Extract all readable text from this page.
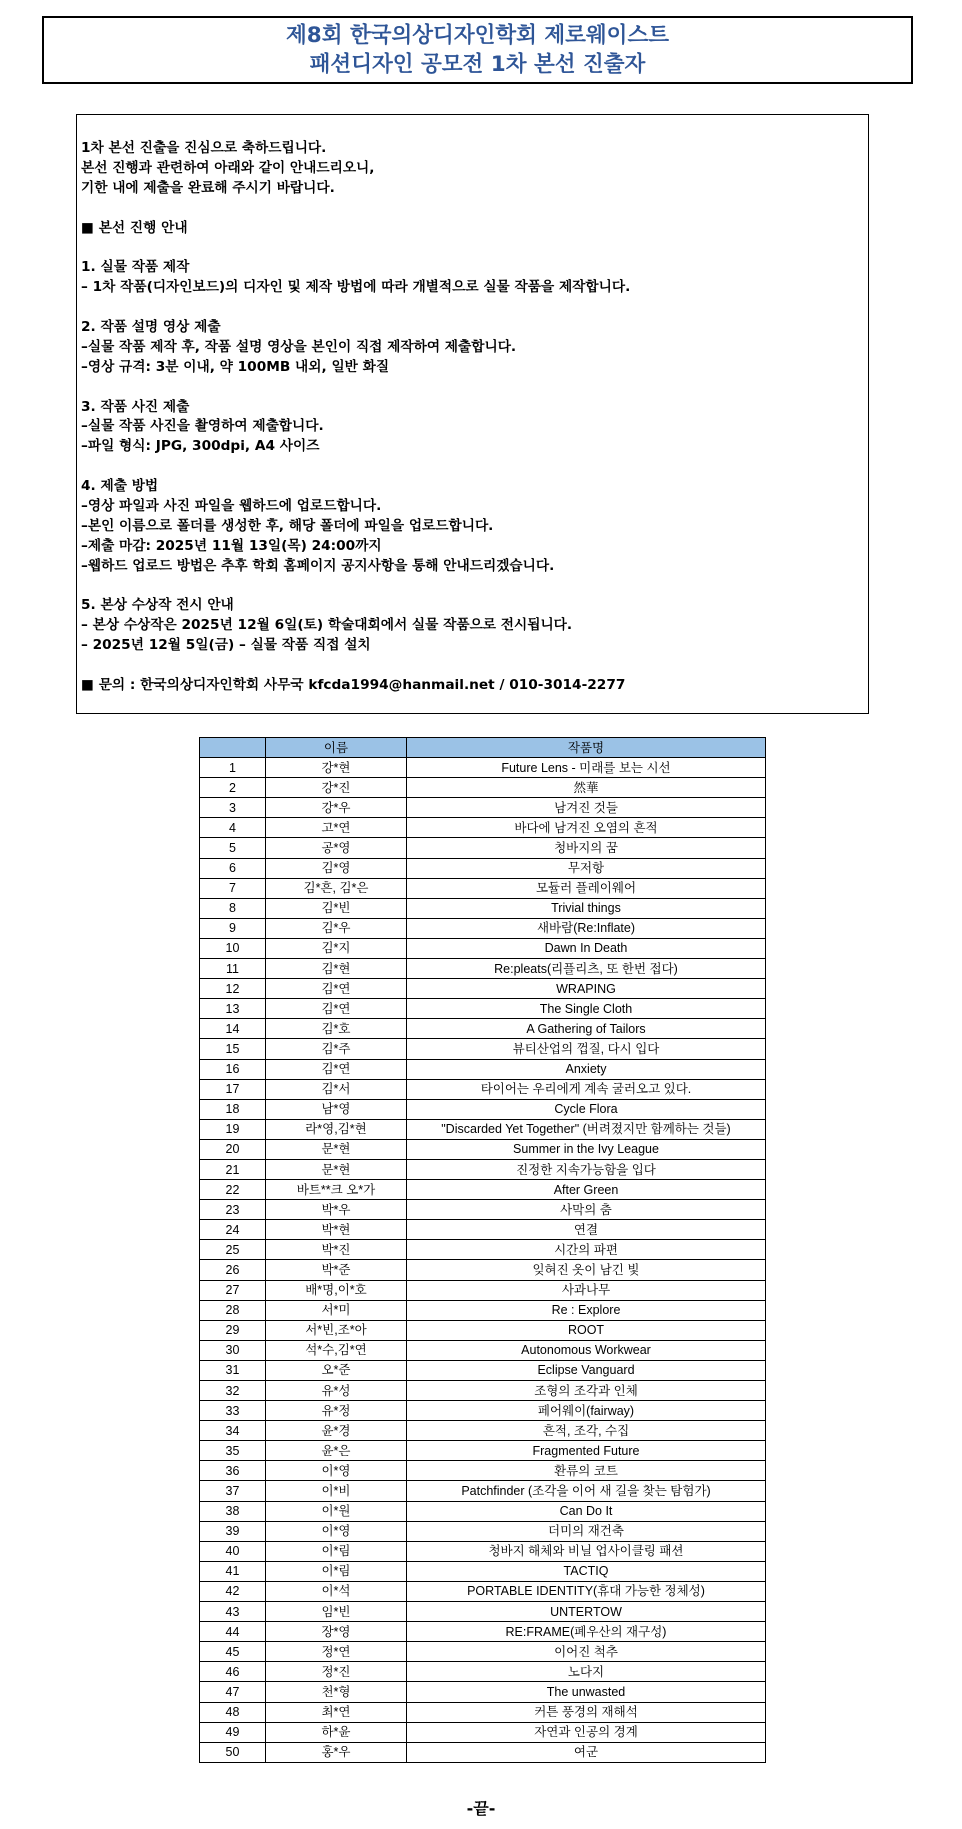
제8회 한국의상디자인학회 제로웨이스트
패션디자인 공모전 1차 본선 진출자
1차 본선 진출을 진심으로 축하드립니다.
본선 진행과 관련하여 아래와 같이 안내드리오니,
기한 내에 제출을 완료해 주시기 바랍니다.
■ 본선 진행 안내
1. 실물 작품 제작
– 1차 작품(디자인보드)의 디자인 및 제작 방법에 따라 개별적으로 실물 작품을 제작합니다.
2. 작품 설명 영상 제출
–실물 작품 제작 후, 작품 설명 영상을 본인이 직접 제작하여 제출합니다.
–영상 규격: 3분 이내, 약 100MB 내외, 일반 화질
3. 작품 사진 제출
–실물 작품 사진을 촬영하여 제출합니다.
–파일 형식: JPG, 300dpi, A4 사이즈
4. 제출 방법
–영상 파일과 사진 파일을 웹하드에 업로드합니다.
–본인 이름으로 폴더를 생성한 후, 해당 폴더에 파일을 업로드합니다.
–제출 마감: 2025년 11월 13일(목) 24:00까지
–웹하드 업로드 방법은 추후 학회 홈페이지 공지사항을 통해 안내드리겠습니다.
5. 본상 수상작 전시 안내
– 본상 수상작은 2025년 12월 6일(토) 학술대회에서 실물 작품으로 전시됩니다.
– 2025년 12월 5일(금) – 실물 작품 직접 설치
■ 문의 : 한국의상디자인학회 사무국 kfcda1994@hanmail.net / 010-3014-2277
	이름	작품명
1	강*현	Future Lens - 미래를 보는 시선
2	강*진	然華
3	강*우	남겨진 것들
4	고*연	바다에 남겨진 오염의 흔적
5	공*영	청바지의 꿈
6	김*영	무저항
7	김*흔, 김*은	모듈러 플레이웨어
8	김*빈	Trivial things
9	김*우	새바람(Re:Inflate)
10	김*지	Dawn In Death
11	김*현	Re:pleats(리플리츠, 또 한번 접다)
12	김*연	WRAPING
13	김*연	The Single Cloth
14	김*호	A Gathering of Tailors
15	김*주	뷰티산업의 껍질, 다시 입다
16	김*연	Anxiety
17	김*서	타이어는 우리에게 계속 굴러오고 있다.
18	남*영	Cycle Flora
19	라*영,김*현	"Discarded Yet Together" (버려졌지만 함께하는 것들)
20	문*현	Summer in the Ivy League
21	문*현	진정한 지속가능함을 입다
22	바트**크 오*가	After Green
23	박*우	사막의 춤
24	박*현	연결
25	박*진	시간의 파편
26	박*준	잊혀진 옷이 남긴 빛
27	배*명,이*호	사과나무
28	서*미	Re : Explore
29	서*빈,조*아	ROOT
30	석*수,김*연	Autonomous Workwear
31	오*준	Eclipse Vanguard
32	유*성	조형의 조각과 인체
33	유*정	페어웨이(fairway)
34	윤*경	흔적, 조각, 수집
35	윤*은	Fragmented Future
36	이*영	환류의 코트
37	이*비	Patchfinder (조각을 이어 새 길을 찾는 탐험가)
38	이*원	Can Do It
39	이*영	더미의 재건축
40	이*림	청바지 해체와 비닐 업사이클링 패션
41	이*림	TACTIQ
42	이*석	PORTABLE IDENTITY(휴대 가능한 정체성)
43	임*빈	UNTERTOW
44	장*영	RE:FRAME(폐우산의 재구성)
45	정*연	이어진 척추
46	정*진	노다지
47	천*형	The unwasted
48	최*연	커튼 풍경의 재해석
49	하*윤	자연과 인공의 경계
50	홍*우	여군
-끝-
